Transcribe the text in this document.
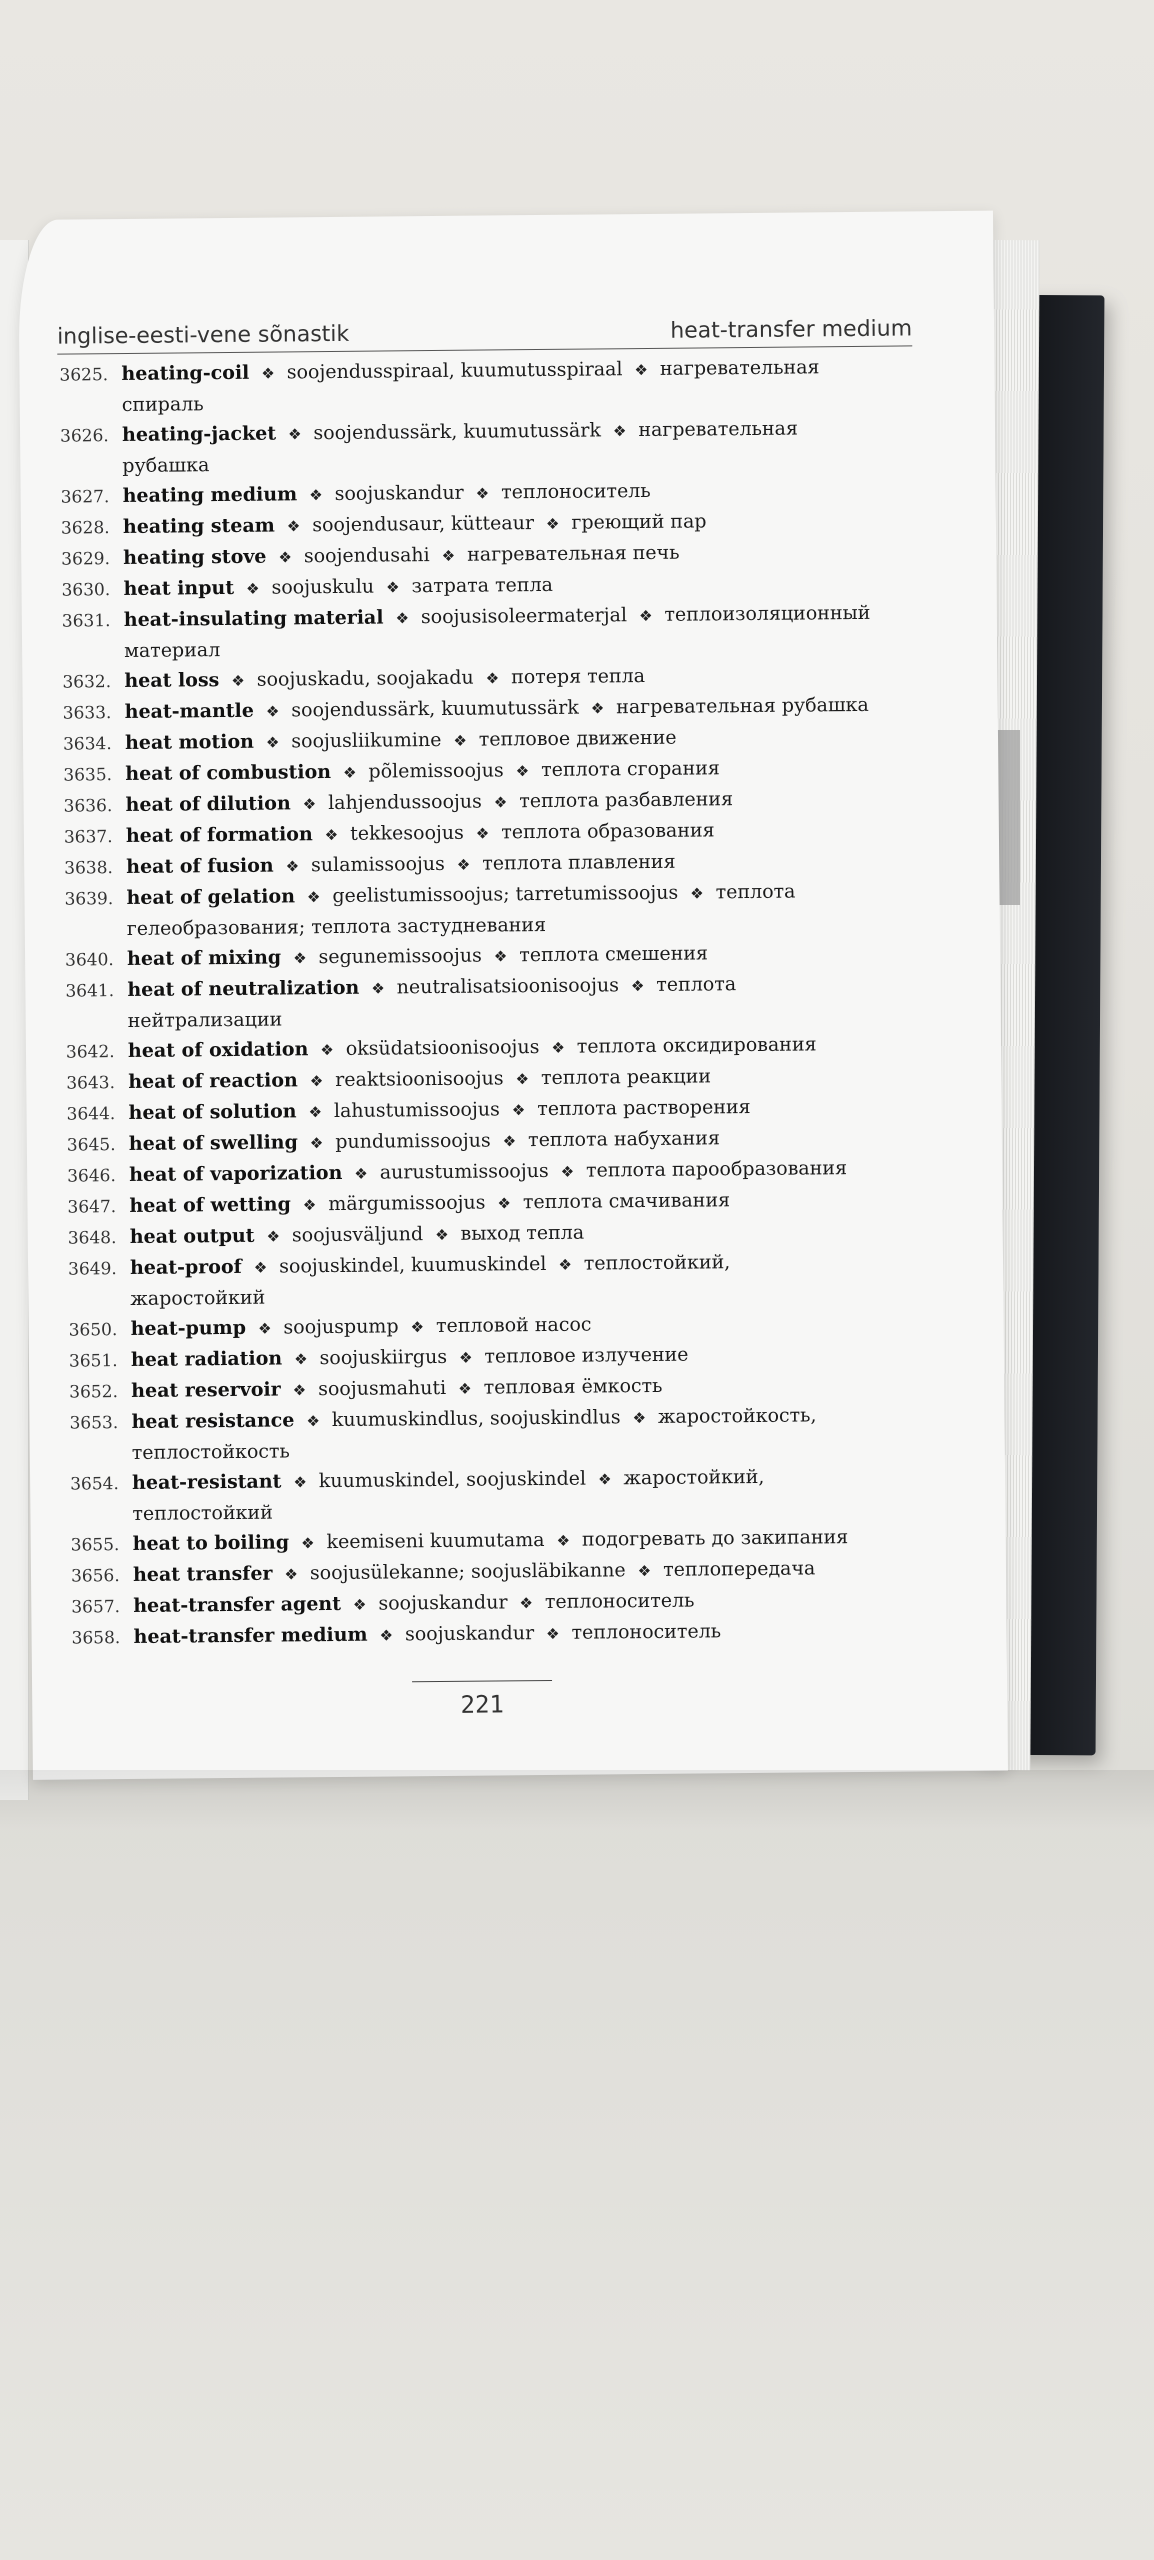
inglise-eesti-vene sõnastik	heat-transfer medium
3625. heating-coil ❖ soojendusspiraal, kuumutusspiraal ❖ нагревательная
спираль
3626. heating-jacket ❖ soojendussärk, kuumutussärk ❖ нагревательная
рубашка
3627. heating medium ❖ soojuskandur ❖ теплоноситель
3628. heating steam ❖ soojendusaur, kütteaur ❖ греющий пар
3629. heating stove ❖ soojendusahi ❖ нагревательная печь
3630. heat input ❖ soojuskulu ❖ затрата тепла
3631. heat-insulating material ❖ soojusisoleermaterjal ❖ теплоизоляционный
материал
3632. heat loss ❖ soojuskadu, soojakadu ❖ потеря тепла
3633. heat-mantle ❖ soojendussärk, kuumutussärk ❖ нагревательная рубашка
3634. heat motion ❖ soojusliikumine ❖ тепловое движение
3635. heat of combustion ❖ põlemissoojus ❖ теплота сгорания
3636. heat of dilution ❖ lahjendussoojus ❖ теплота разбавления
3637. heat of formation ❖ tekkesoojus ❖ теплота образования
3638. heat of fusion ❖ sulamissoojus ❖ теплота плавления
3639. heat of gelation ❖ geelistumissoojus; tarretumissoojus ❖ теплота
гелеобразования; теплота застудневания
3640. heat of mixing ❖ segunemissoojus ❖ теплота смешения
3641. heat of neutralization ❖ neutralisatsioonisoojus ❖ теплота
нейтрализации
3642. heat of oxidation ❖ oksüdatsioonisoojus ❖ теплота оксидирования
3643. heat of reaction ❖ reaktsioonisoojus ❖ теплота реакции
3644. heat of solution ❖ lahustumissoojus ❖ теплота растворения
3645. heat of swelling ❖ pundumissoojus ❖ теплота набухания
3646. heat of vaporization ❖ aurustumissoojus ❖ теплота парообразования
3647. heat of wetting ❖ märgumissoojus ❖ теплота смачивания
3648. heat output ❖ soojusväljund ❖ выход тепла
3649. heat-proof ❖ soojuskindel, kuumuskindel ❖ теплостойкий,
жаростойкий
3650. heat-pump ❖ soojuspump ❖ тепловой насос
3651. heat radiation ❖ soojuskiirgus ❖ тепловое излучение
3652. heat reservoir ❖ soojusmahuti ❖ тепловая ёмкость
3653. heat resistance ❖ kuumuskindlus, soojuskindlus ❖ жаростойкость,
теплостойкость
3654. heat-resistant ❖ kuumuskindel, soojuskindel ❖ жаростойкий,
теплостойкий
3655. heat to boiling ❖ keemiseni kuumutama ❖ подогревать до закипания
3656. heat transfer ❖ soojusülekanne; soojusläbikanne ❖ теплопередача
3657. heat-transfer agent ❖ soojuskandur ❖ теплоноситель
3658. heat-transfer medium ❖ soojuskandur ❖ теплоноситель
221
